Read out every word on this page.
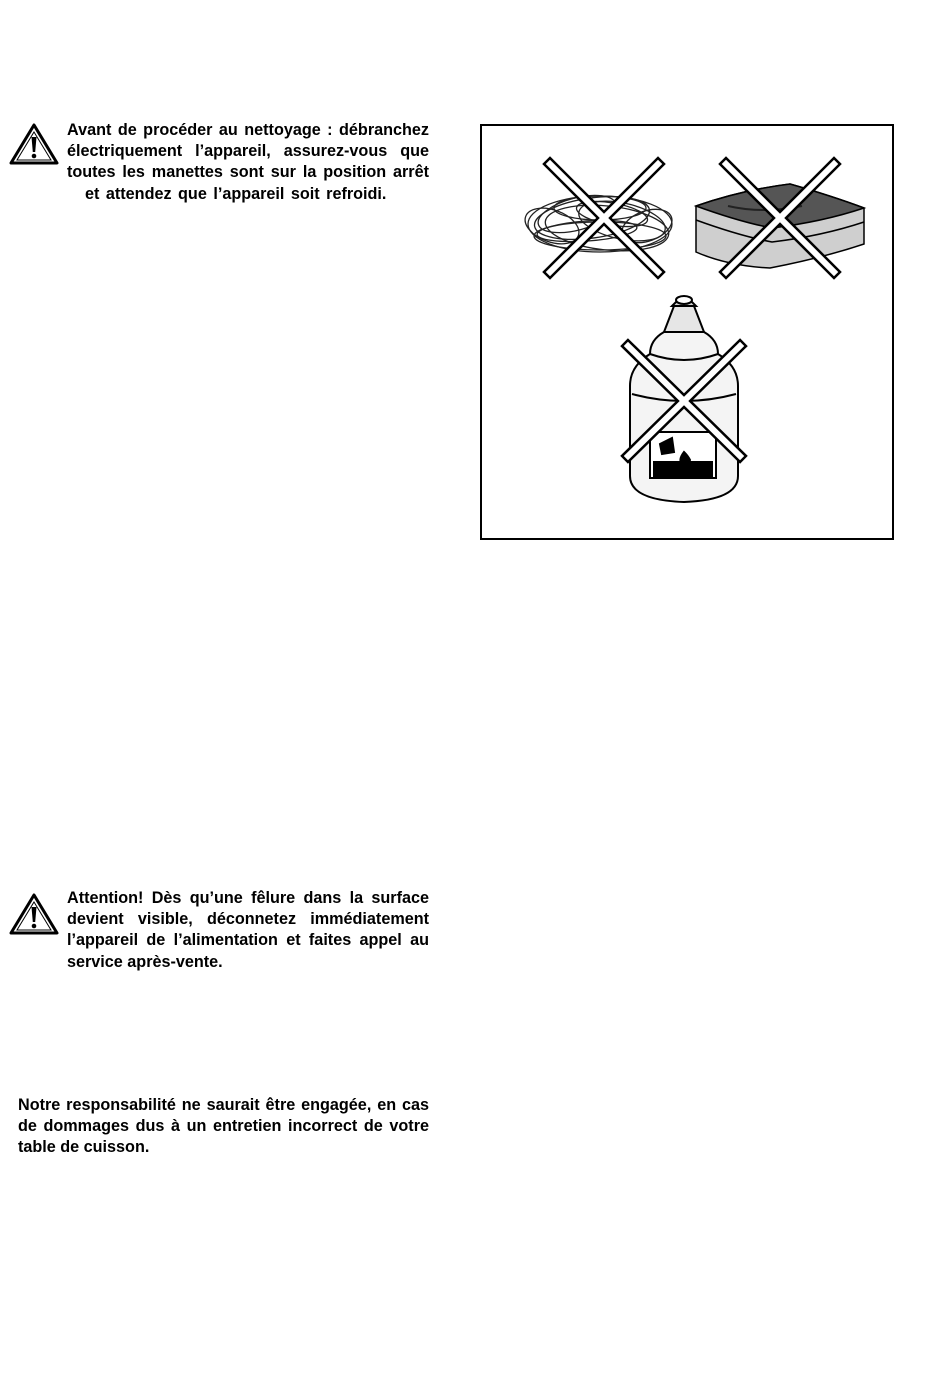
Avant de procéder au nettoyage : débranchez
électriquement l’appareil, assurez-vous que
toutes les manettes sont sur la position arrêt
et attendez que l’appareil soit refroidi.

Attention! Dès qu’une fêlure dans la surface devient visible, déconnetez immédiatement l’appareil de l’alimentation et faites appel au service après-vente.

Notre responsabilité ne saurait être engagée, en cas de dommages dus à un entretien incorrect de votre table de cuisson.
